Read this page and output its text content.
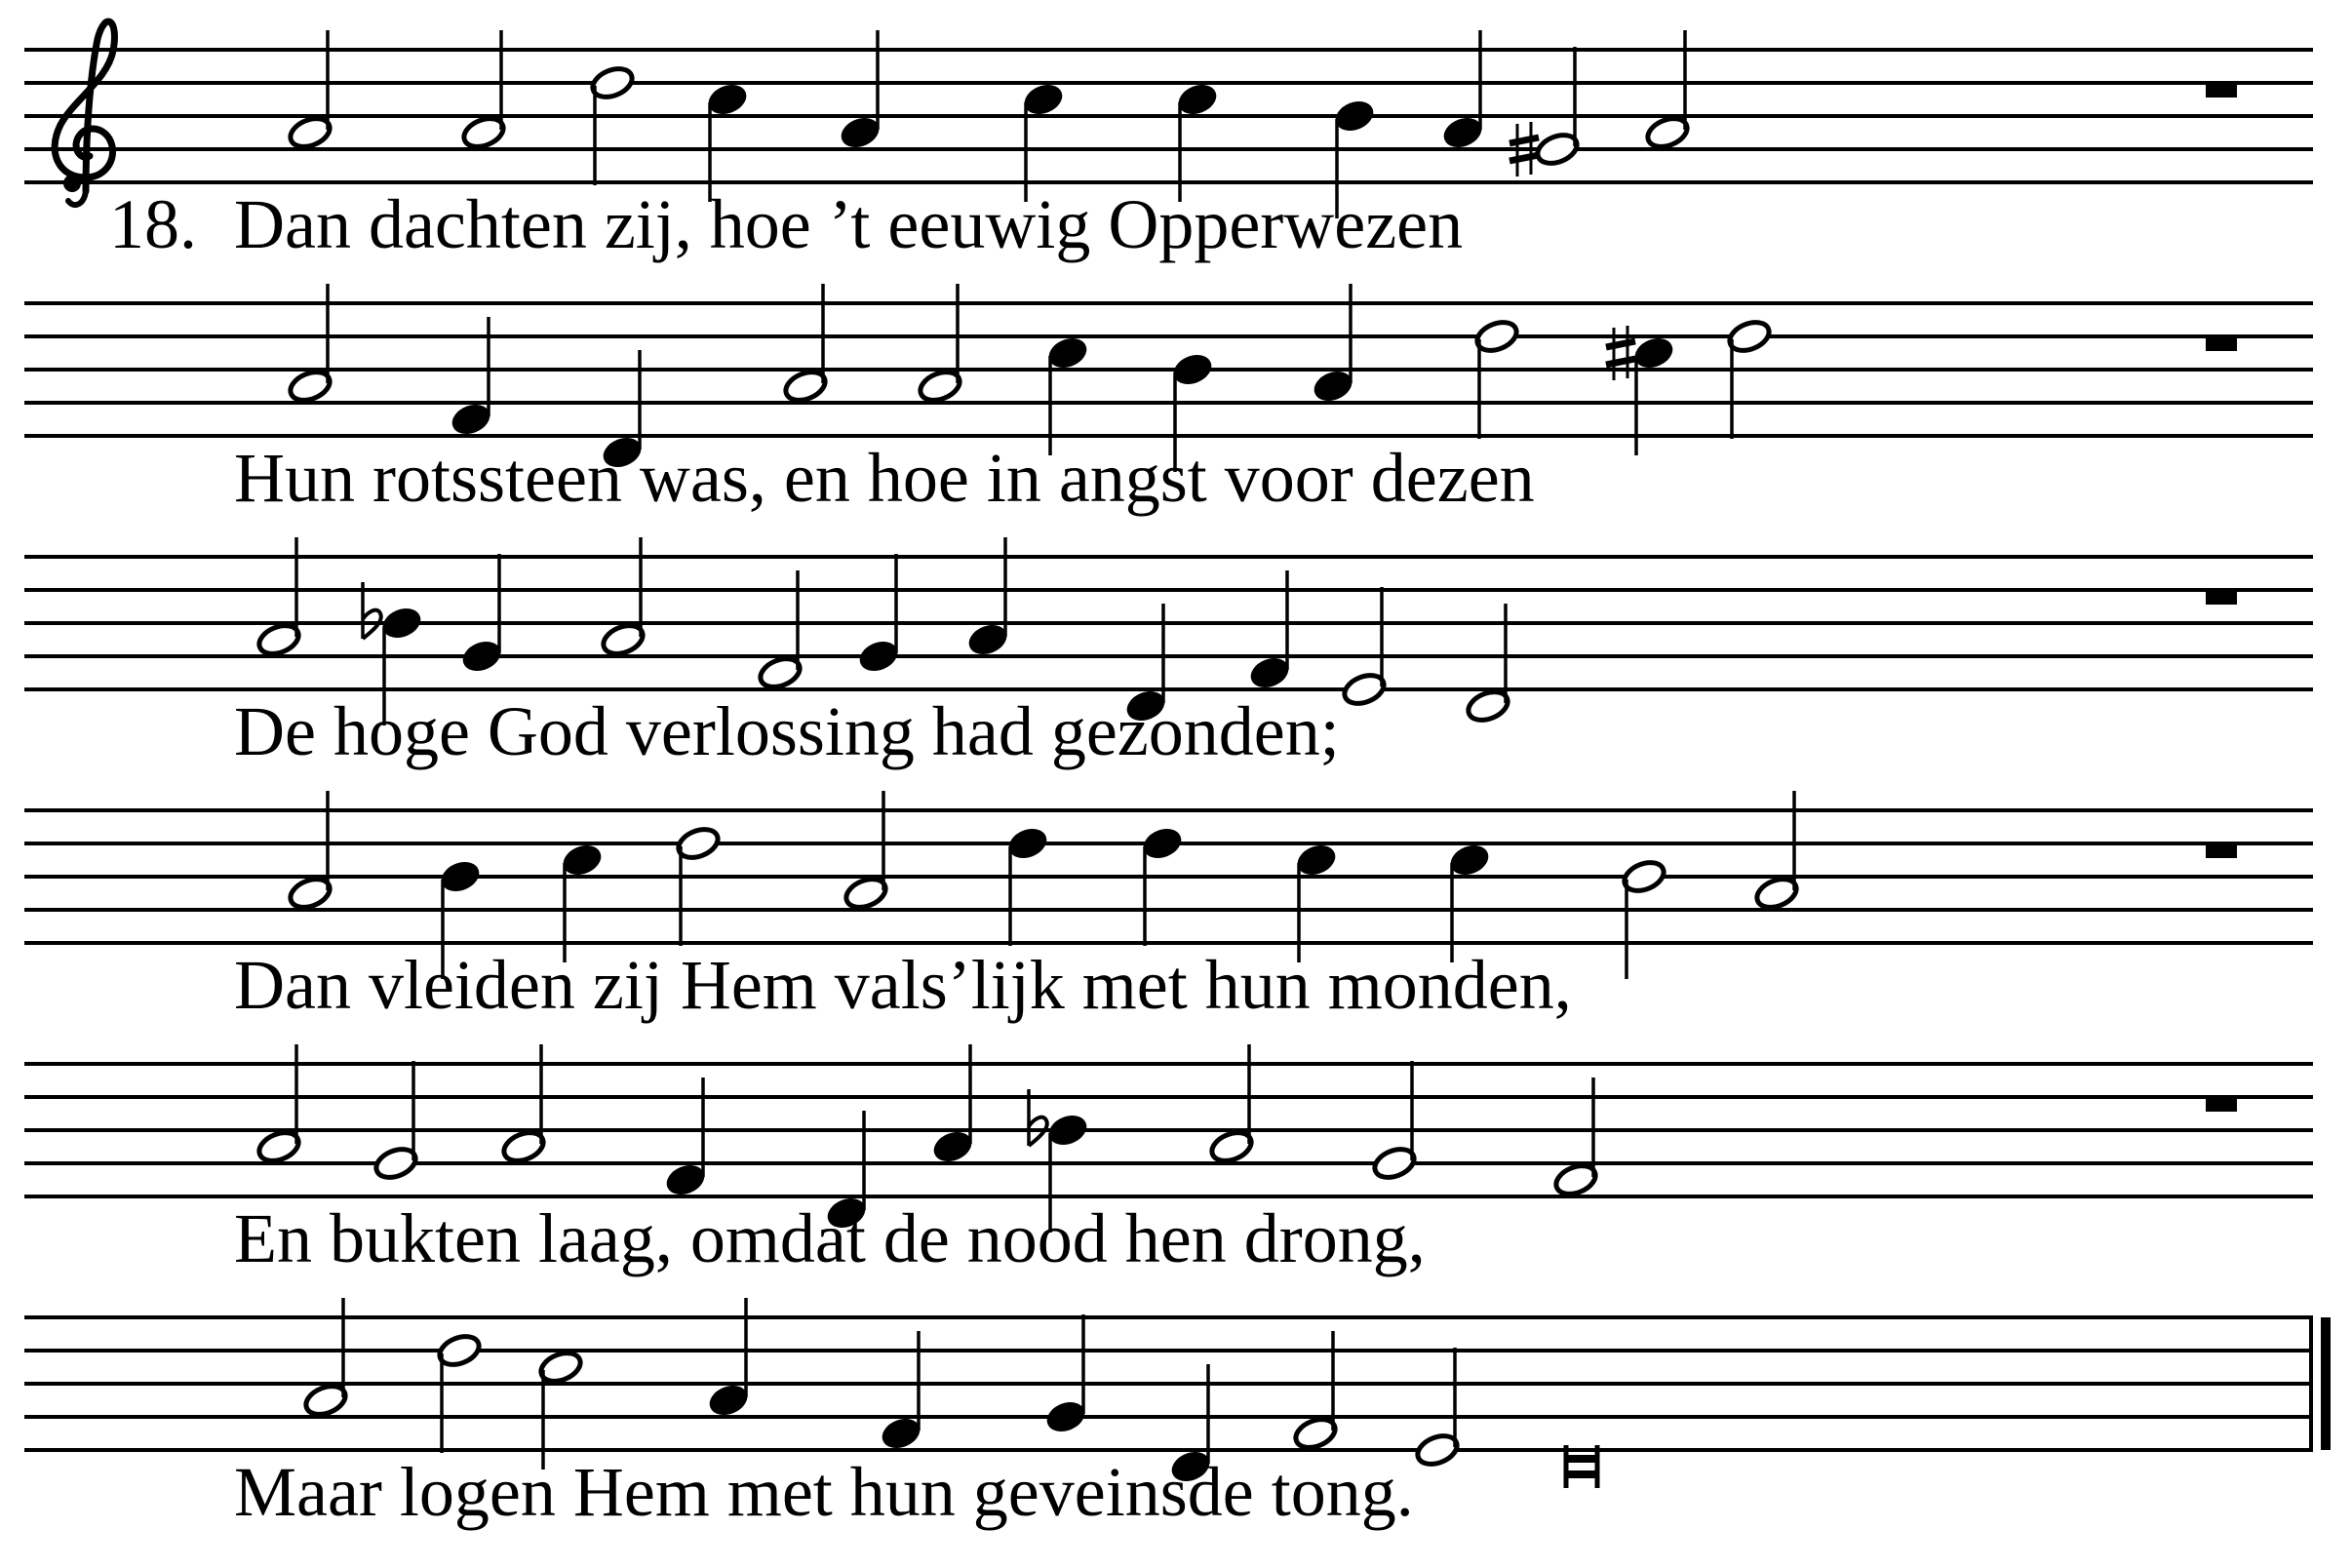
18. Dan dachten zij, hoe ’t eeuwig Opperwezen
Hun rotssteen was, en hoe in angst voor dezen
De hoge God verlossing had gezonden;
Dan vleiden zij Hem vals’lijk met hun monden,
En bukten laag, omdat de nood hen drong,
Maar logen Hem met hun geveinsde tong.
